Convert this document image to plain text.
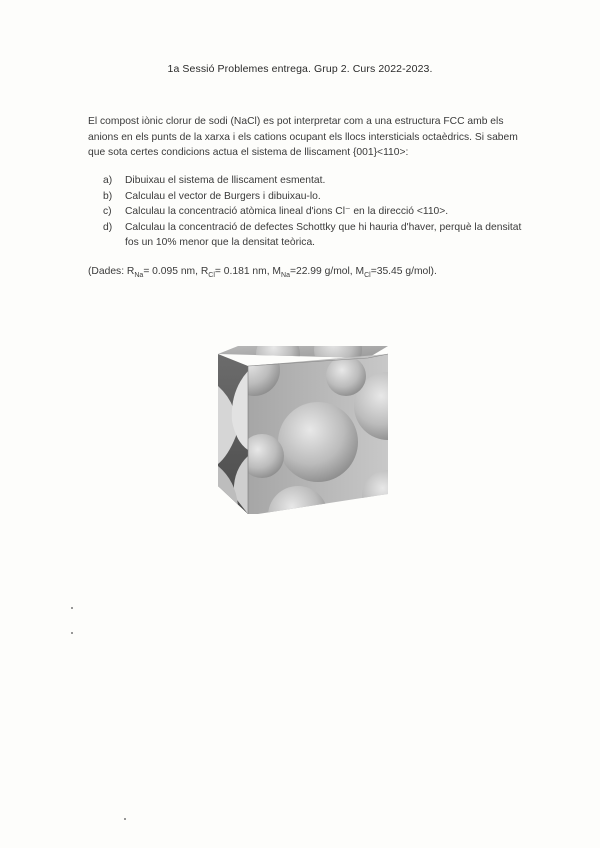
1a Sessió Problemes entrega. Grup 2. Curs 2022-2023.
El compost iònic clorur de sodi (NaCl) es pot interpretar com a una estructura FCC amb els anions en els punts de la xarxa i els cations ocupant els llocs intersticials octaèdrics. Si sabem que sota certes condicions actua el sistema de lliscament {001}<110>:
a) Dibuixau el sistema de lliscament esmentat.
b) Calculau el vector de Burgers i dibuixau-lo.
c) Calculau la concentració atòmica lineal d'ions Cl⁻ en la direcció <110>.
d) Calculau la concentració de defectes Schottky que hi hauria d'haver, perquè la densitat fos un 10% menor que la densitat teòrica.
(Dades: $R_{Na}= 0.095$ nm, $R_{Cl}= 0.181$ nm, $M_{Na}=22.99$ g/mol, $M_{Cl}=35.45$ g/mol).
